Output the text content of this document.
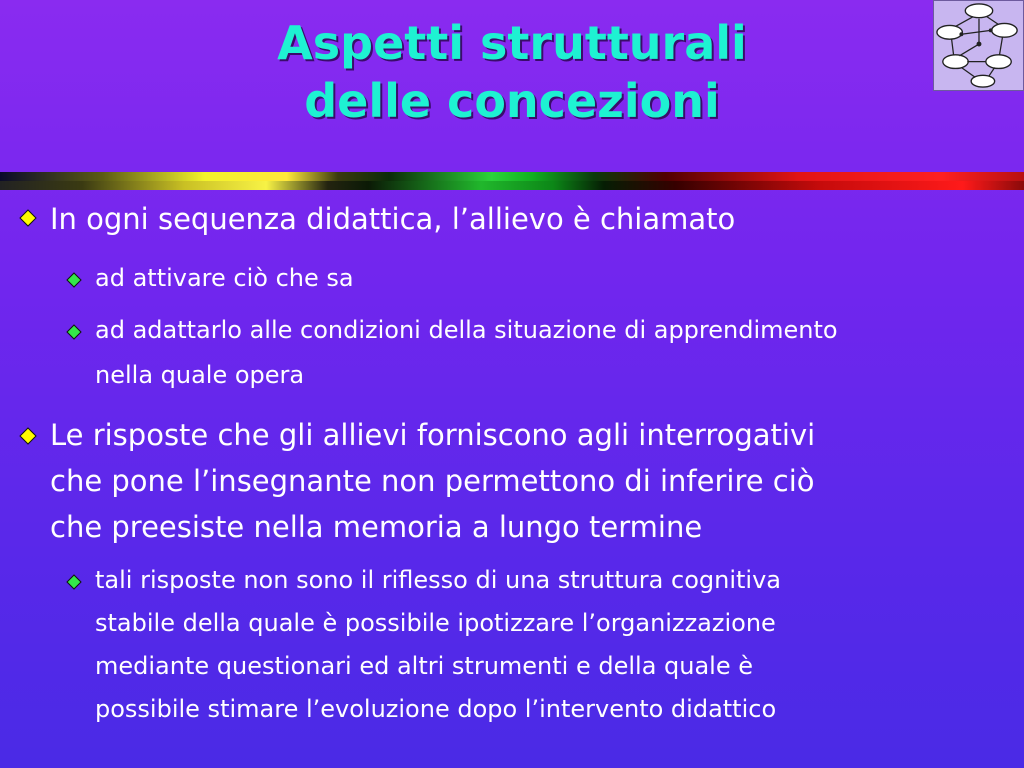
Aspetti strutturali
delle concezioni
In ogni sequenza didattica, l’allievo è chiamato
ad attivare ciò che sa
ad adattarlo alle condizioni della situazione di apprendimento
nella quale opera
Le risposte che gli allievi forniscono agli interrogativi
che pone l’insegnante non permettono di inferire ciò
che preesiste nella memoria a lungo termine
tali risposte non sono il riflesso di una struttura cognitiva
stabile della quale è possibile ipotizzare l’organizzazione
mediante questionari ed altri strumenti e della quale è
possibile stimare l’evoluzione dopo l’intervento didattico
